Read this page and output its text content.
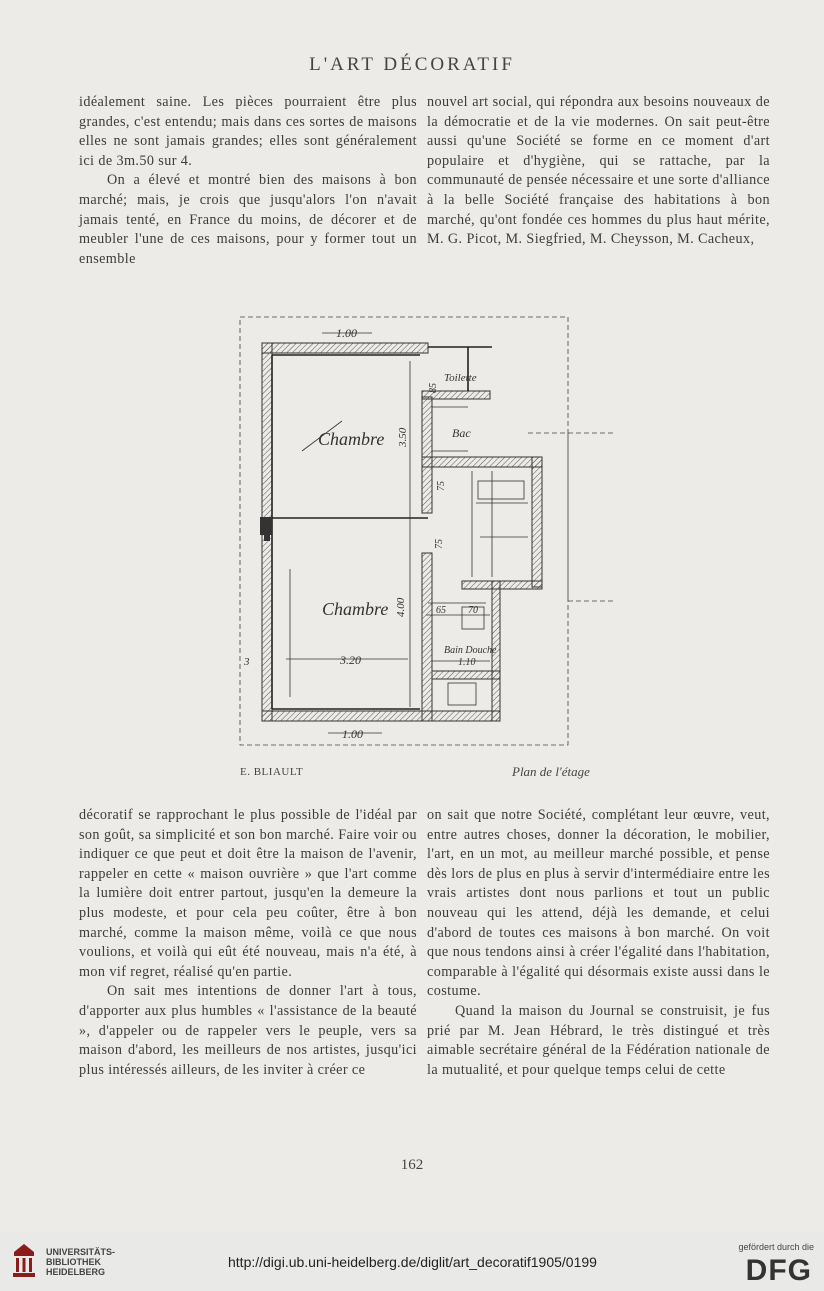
L'ART DÉCORATIF

idéalement saine. Les pièces pourraient être plus grandes, c'est entendu; mais dans ces sortes de maisons elles ne sont jamais grandes; elles sont généralement ici de 3m.50 sur 4.

On a élevé et montré bien des maisons à bon marché; mais, je crois que jusqu'alors l'on n'avait jamais tenté, en France du moins, de décorer et de meubler l'une de ces maisons, pour y former tout un ensemble

nouvel art social, qui répondra aux besoins nouveaux de la démocratie et de la vie modernes. On sait peut-être aussi qu'une Société se forme en ce moment d'art populaire et d'hygiène, qui se rattache, par la communauté de pensée nécessaire et une sorte d'alliance à la belle Société française des habitations à bon marché, qu'ont fondée ces hommes du plus haut mérite, M. G. Picot, M. Siegfried, M. Cheysson, M. Cacheux,

Chambre
Chambre
Toilette
Bac
Bain Douche
1.00
1.00
3.20
3.50
4.00
85
75
75
65 70
1.10
3
E. BLIAULT	Plan de l'étage

décoratif se rapprochant le plus possible de l'idéal par son goût, sa simplicité et son bon marché. Faire voir ou indiquer ce que peut et doit être la maison de l'avenir, rappeler en cette « maison ouvrière » que l'art comme la lumière doit entrer partout, jusqu'en la demeure la plus modeste, et pour cela peu coûter, être à bon marché, comme la maison même, voilà ce que nous voulions, et voilà qui eût été nouveau, mais n'a été, à mon vif regret, réalisé qu'en partie.

On sait mes intentions de donner l'art à tous, d'apporter aux plus humbles « l'assistance de la beauté », d'appeler ou de rappeler vers le peuple, vers sa maison d'abord, les meilleurs de nos artistes, jusqu'ici plus intéressés ailleurs, de les inviter à créer ce

on sait que notre Société, complétant leur œuvre, veut, entre autres choses, donner la décoration, le mobilier, l'art, en un mot, au meilleur marché possible, et pense dès lors de plus en plus à servir d'intermédiaire entre les vrais artistes dont nous parlions et tout un public nouveau qui les attend, déjà les demande, et celui d'abord de toutes ces maisons à bon marché. On voit que nous tendons ainsi à créer l'égalité dans l'habitation, comparable à l'égalité qui désormais existe aussi dans le costume.

Quand la maison du Journal se construisit, je fus prié par M. Jean Hébrard, le très distingué et très aimable secrétaire général de la Fédération nationale de la mutualité, et pour quelque temps celui de cette

162
UNIVERSITÄTS-
BIBLIOTHEK
HEIDELBERG
http://digi.ub.uni-heidelberg.de/diglit/art_decoratif1905/0199
gefördert durch die
DFG
